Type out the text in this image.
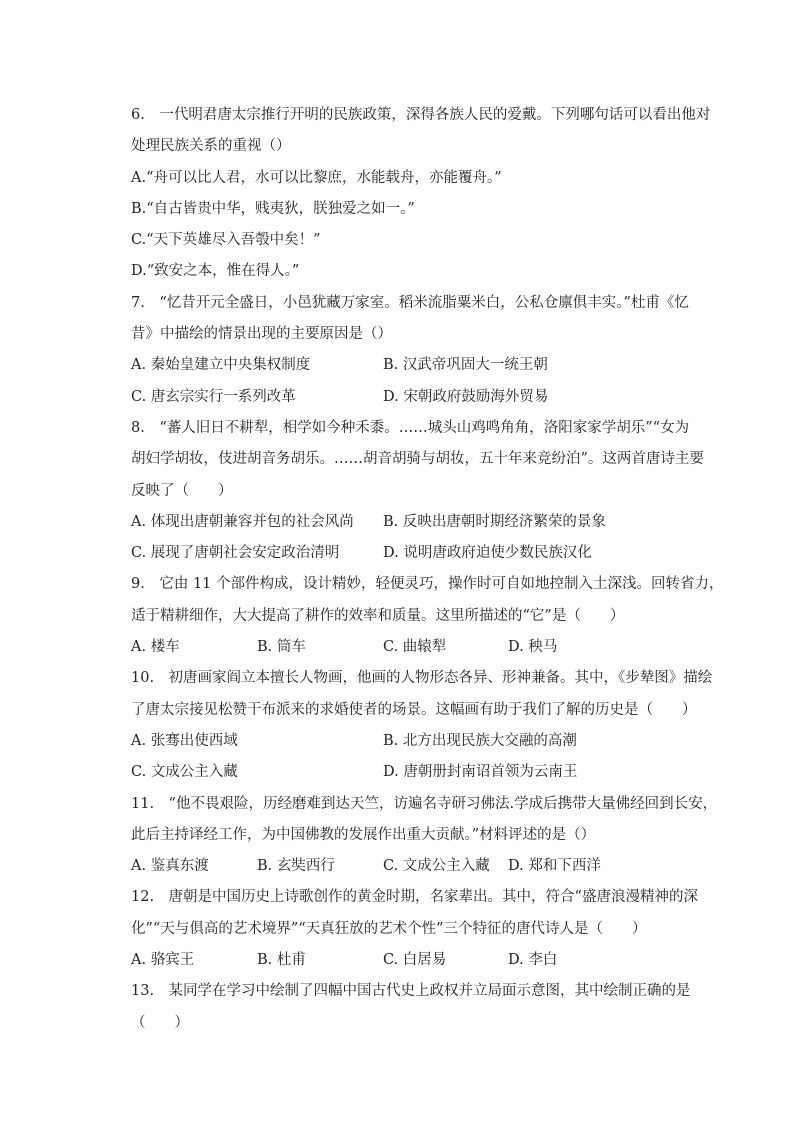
6.　一代明君唐太宗推行开明的民族政策，深得各族人民的爱戴。下列哪句话可以看出他对
处理民族关系的重视（）
A.“舟可以比人君，水可以比黎庶，水能载舟，亦能覆舟。”
B.“自古皆贵中华，贱夷狄，朕独爱之如一。”
C.“天下英雄尽入吾彀中矣！”
D.“致安之本，惟在得人。”
7.　“忆昔开元全盛日，小邑犹藏万家室。稻米流脂粟米白，公私仓廪俱丰实。”杜甫《忆
昔》中描绘的情景出现的主要原因是（）
A. 秦始皇建立中央集权制度	B. 汉武帝巩固大一统王朝
C. 唐玄宗实行一系列改革	D. 宋朝政府鼓励海外贸易
8.　“蕃人旧日不耕犁，相学如今种禾黍。……城头山鸡鸣角角，洛阳家家学胡乐”“女为
胡妇学胡妆，伎进胡音务胡乐。……胡音胡骑与胡妆，五十年来竞纷泊”。这两首唐诗主要
反映了（　　）
A. 体现出唐朝兼容并包的社会风尚 B. 反映出唐朝时期经济繁荣的景象
C. 展现了唐朝社会安定政治清明	D. 说明唐政府迫使少数民族汉化
9.　它由 11 个部件构成，设计精妙，轻便灵巧，操作时可自如地控制入土深浅。回转省力，
适于精耕细作，大大提高了耕作的效率和质量。这里所描述的“它”是（　　）
A. 楼车	B. 筒车	C. 曲辕犁	D. 秧马
10.　初唐画家阎立本擅长人物画，他画的人物形态各异、形神兼备。其中，《步辇图》描绘
了唐太宗接见松赞干布派来的求婚使者的场景。这幅画有助于我们了解的历史是（　　）
A. 张骞出使西域	B. 北方出现民族大交融的高潮
C. 文成公主入藏	D. 唐朝册封南诏首领为云南王
11.　“他不畏艰险，历经磨难到达天竺，访遍名寺研习佛法.学成后携带大量佛经回到长安，
此后主持译经工作，为中国佛教的发展作出重大贡献。”材料评述的是（）
A. 鉴真东渡	B. 玄奘西行	C. 文成公主入藏 D. 郑和下西洋
12.　唐朝是中国历史上诗歌创作的黄金时期，名家辈出。其中，符合“盛唐浪漫精神的深
化”“天与俱高的艺术境界”“天真狂放的艺术个性”三个特征的唐代诗人是（　　）
A. 骆宾王	B. 杜甫	C. 白居易	D. 李白
13.　某同学在学习中绘制了四幅中国古代史上政权并立局面示意图，其中绘制正确的是
（　　）
